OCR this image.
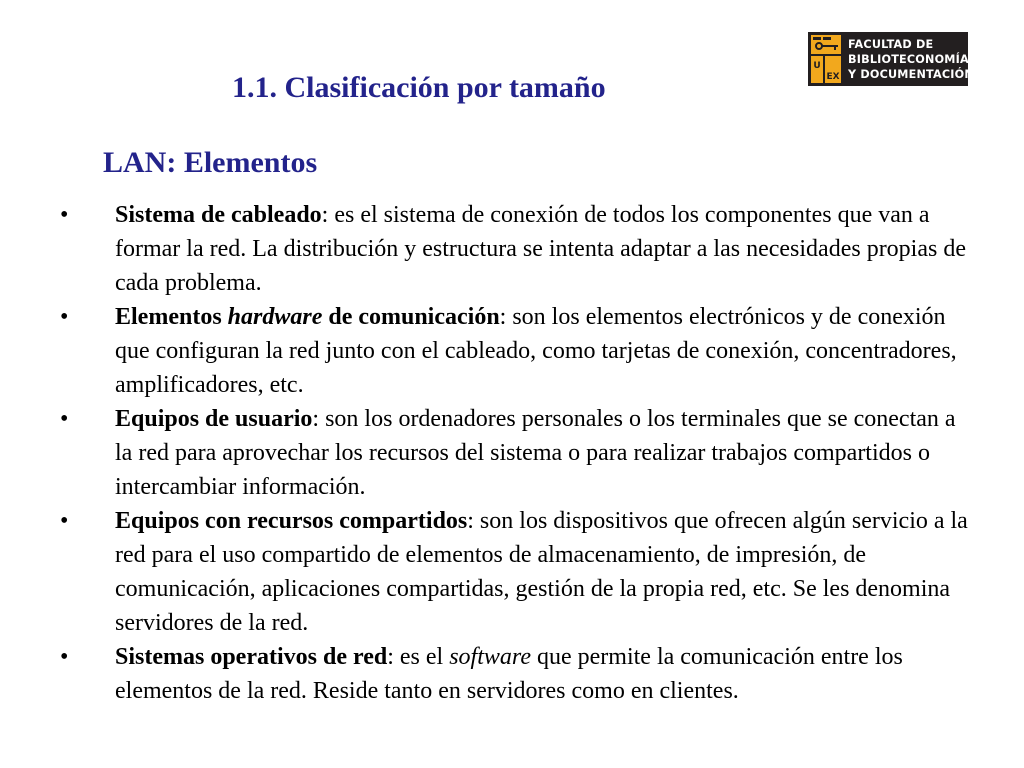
U
EX
FACULTAD DE
BIBLIOTECONOMÍA
Y DOCUMENTACIÓN
1.1. Clasificación por tamaño
LAN: Elementos
• Sistema de cableado: es el sistema de conexión de todos los componentes que van a formar la red. La distribución y estructura se intenta adaptar a las necesidades propias de cada problema.
• Elementos hardware de comunicación: son los elementos electrónicos y de conexión que configuran la red junto con el cableado, como tarjetas de conexión, concentradores, amplificadores, etc.
• Equipos de usuario: son los ordenadores personales o los terminales que se conectan a la red para aprovechar los recursos del sistema o para realizar trabajos compartidos o intercambiar información.
• Equipos con recursos compartidos: son los dispositivos que ofrecen algún servicio a la red para el uso compartido de elementos de almacenamiento, de impresión, de comunicación, aplicaciones compartidas, gestión de la propia red, etc. Se les denomina servidores de la red.
• Sistemas operativos de red: es el software que permite la comunicación entre los elementos de la red. Reside tanto en servidores como en clientes.
